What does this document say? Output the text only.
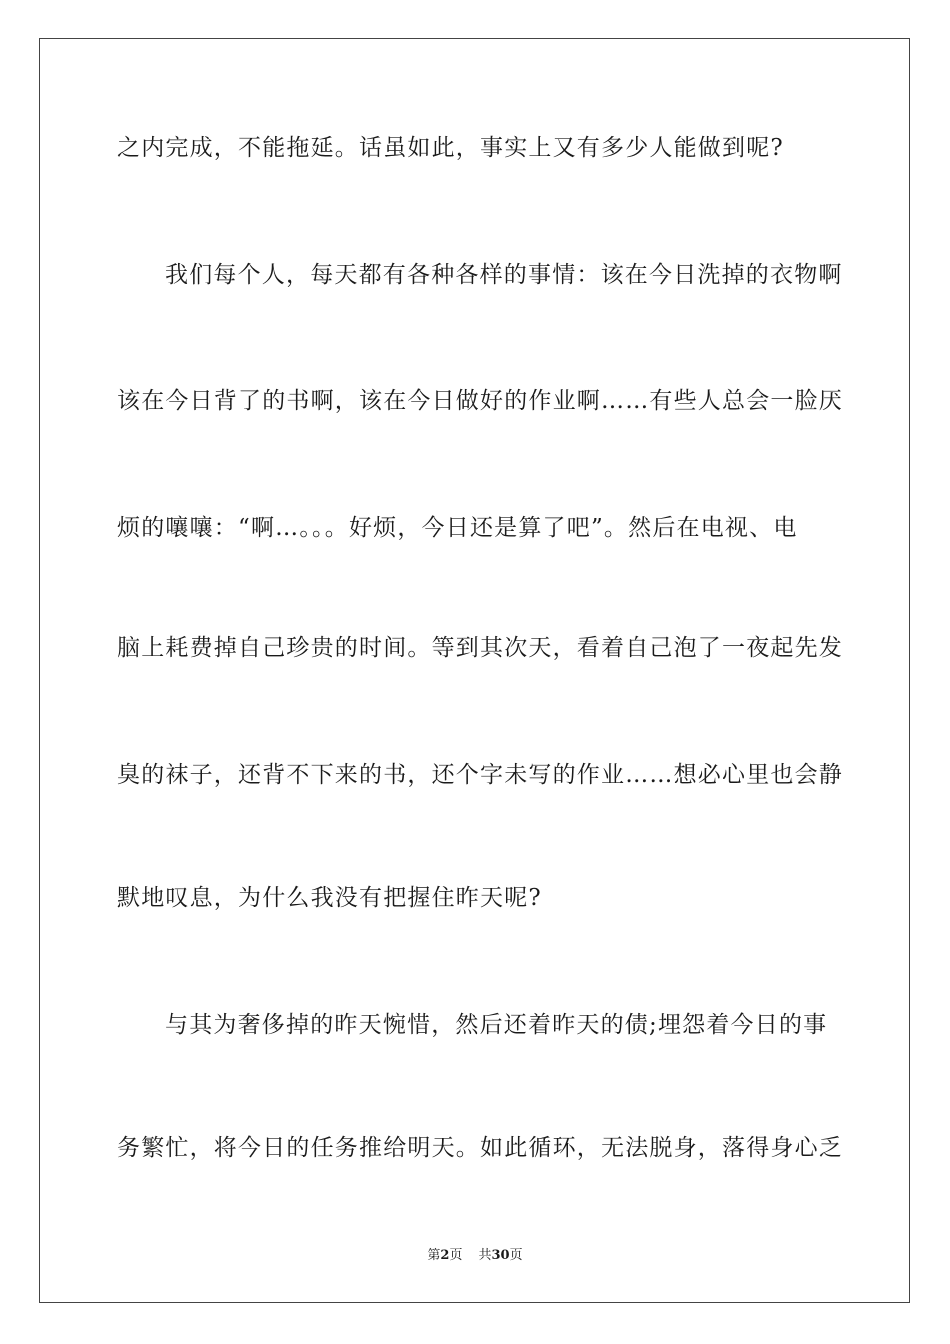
之内完成，不能拖延。话虽如此，事实上又有多少人能做到呢?
我们每个人，每天都有各种各样的事情：该在今日洗掉的衣物啊
该在今日背了的书啊，该在今日做好的作业啊……有些人总会一脸厌
烦的嚷嚷：“啊…。。。好烦，今日还是算了吧”。然后在电视、电
脑上耗费掉自己珍贵的时间。等到其次天，看着自己泡了一夜起先发
臭的袜子，还背不下来的书，还个字未写的作业……想必心里也会静
默地叹息，为什么我没有把握住昨天呢?
与其为奢侈掉的昨天惋惜，然后还着昨天的债;埋怨着今日的事
务繁忙，将今日的任务推给明天。如此循环，无法脱身，落得身心乏
第2页 共30页
